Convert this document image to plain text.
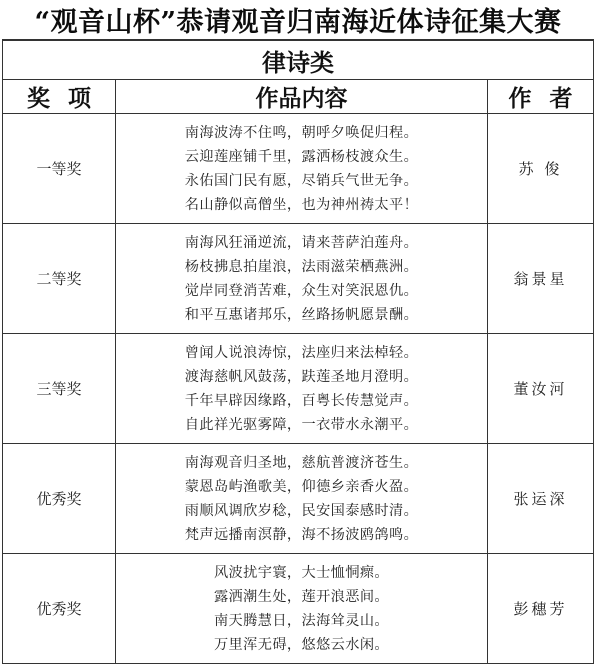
“观音山杯”恭请观音归南海近体诗征集大赛
律诗类		
奖项	作品内容	作者
一等奖	南海波涛不住鸣，朝呼夕唤促归程。
云迎莲座铺千里，露洒杨枝渡众生。
永佑国门民有愿，尽销兵气世无争。
名山静似高僧坐，也为神州祷太平！	苏 俊
二等奖	南海风狂涌逆流，请来菩萨泊莲舟。
杨枝拂息拍崖浪，法雨滋荣栖燕洲。
觉岸同登消苦难，众生对笑泯恩仇。
和平互惠诸邦乐，丝路扬帆愿景酬。	翁景星
三等奖	曾闻人说浪涛惊，法座归来法棹轻。
渡海慈帆风鼓荡，趺莲圣地月澄明。
千年早辟因缘路，百粤长传慧觉声。
自此祥光驱雾障，一衣带水永潮平。	董汝河
优秀奖	南海观音归圣地，慈航普渡济苍生。
蒙恩岛屿渔歌美，仰德乡亲香火盈。
雨顺风调欣岁稔，民安国泰感时清。
梵声远播南溟静，海不扬波鸥鸽鸣。	张运深
优秀奖	风波扰宇寰，大士恤恫瘝。
露洒潮生处，莲开浪恶间。
南天腾慧日，法海耸灵山。
万里浑无碍，悠悠云水闲。	彭穗芳
